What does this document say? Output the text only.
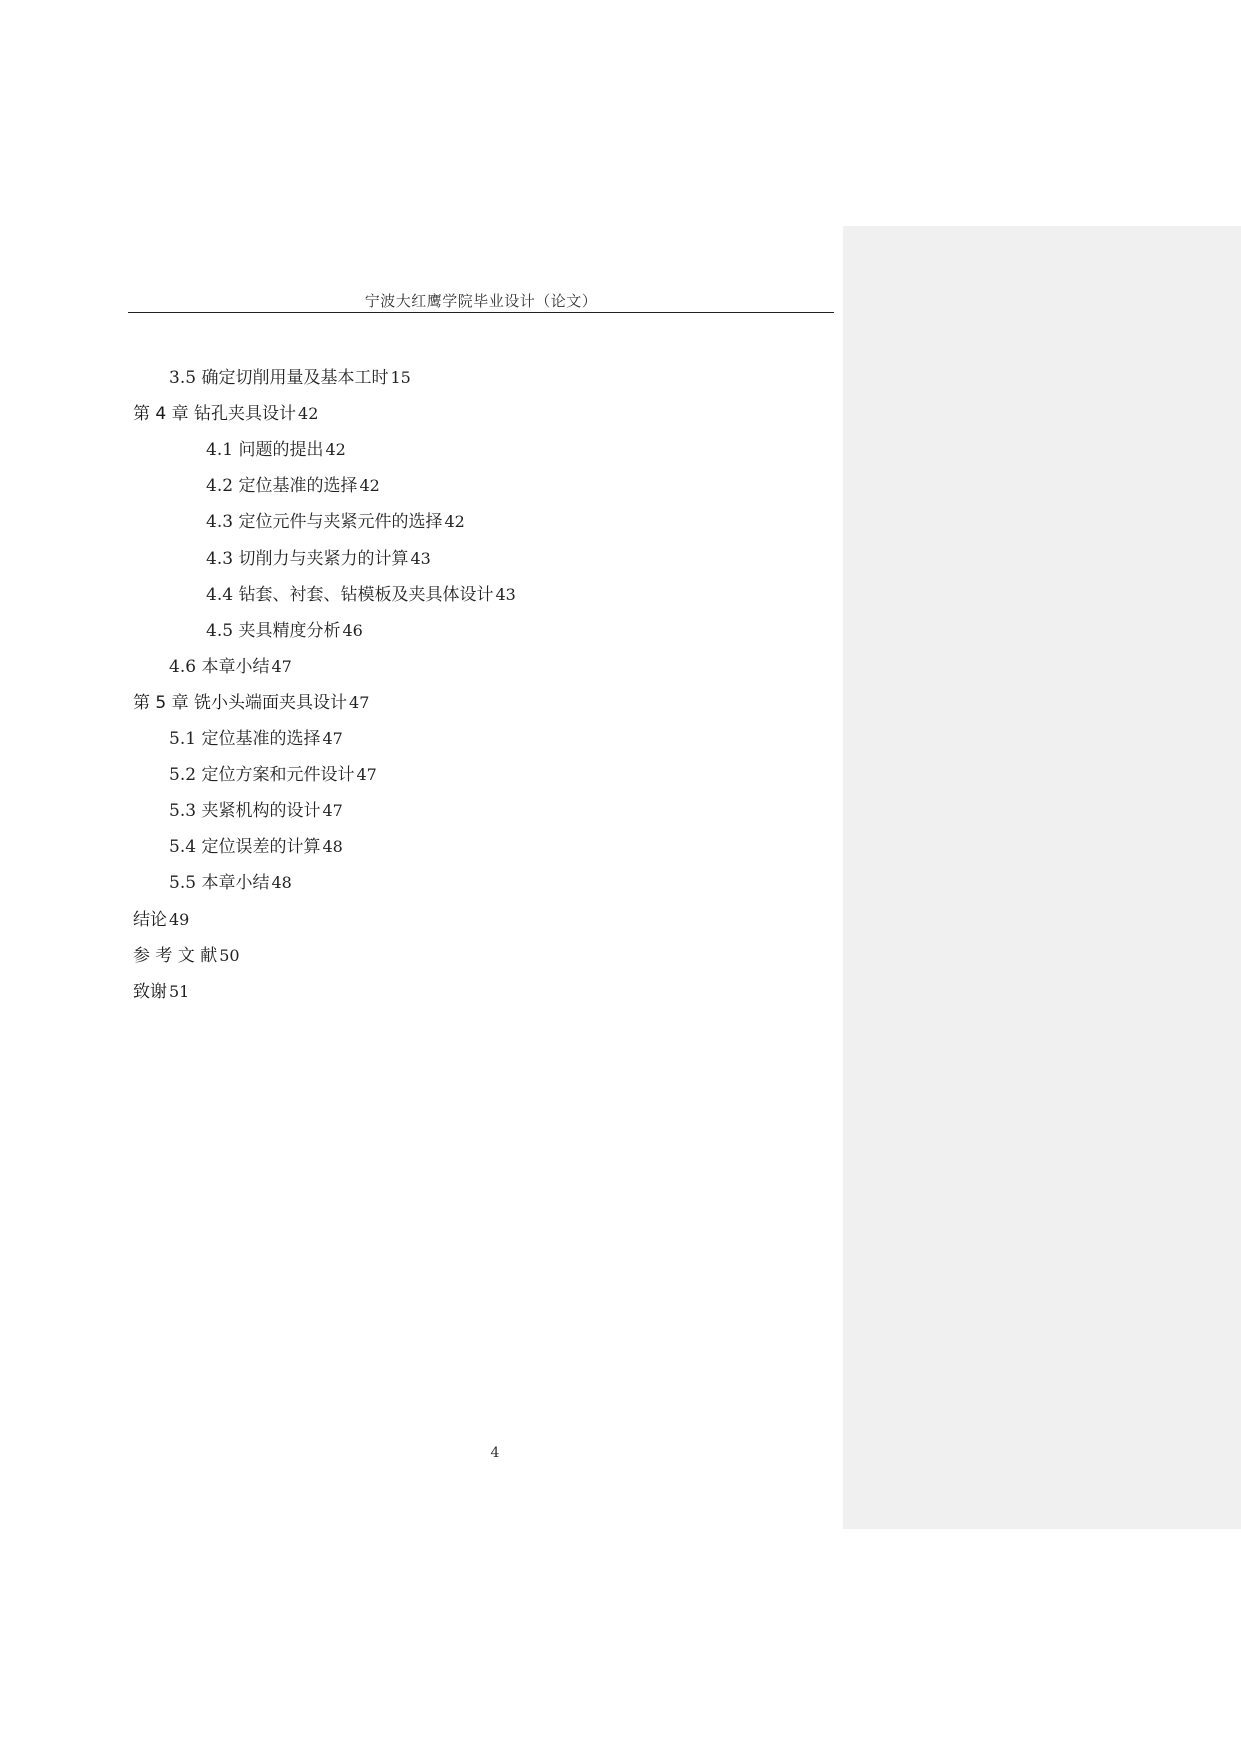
宁波大红鹰学院毕业设计（论文）
3.5 确定切削用量及基本工时 15
第 4 章 钻孔夹具设计 42
4.1 问题的提出 42
4.2 定位基准的选择 42
4.3 定位元件与夹紧元件的选择 42
4.3 切削力与夹紧力的计算 43
4.4 钻套、衬套、钻模板及夹具体设计 43
4.5 夹具精度分析 46
4.6 本章小结 47
第 5 章 铣小头端面夹具设计 47
5.1 定位基准的选择 47
5.2 定位方案和元件设计 47
5.3 夹紧机构的设计 47
5.4 定位误差的计算 48
5.5 本章小结 48
结论 49
参 考 文 献 50
致谢 51
4
